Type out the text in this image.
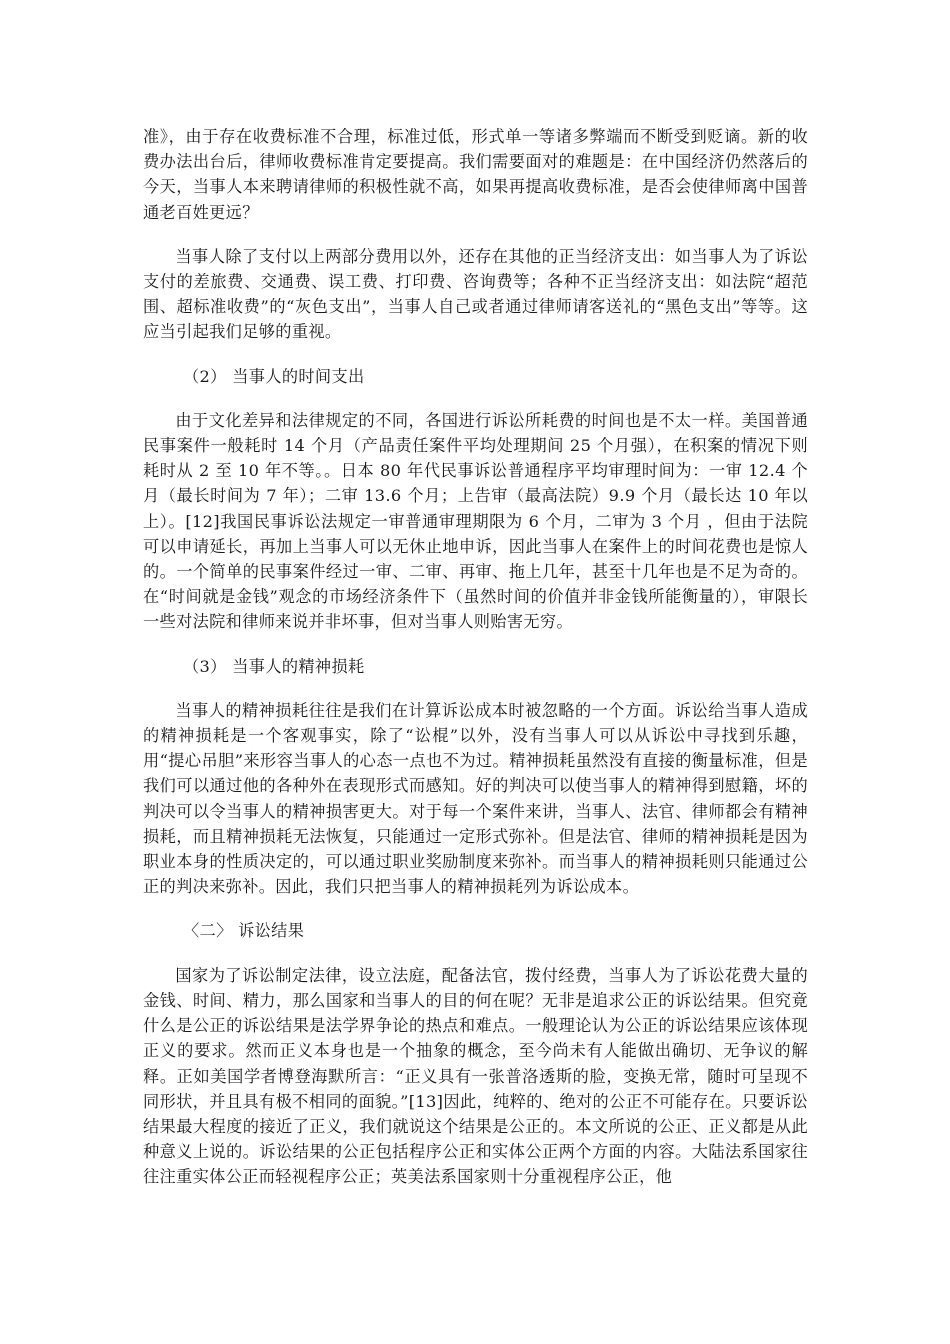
准》，由于存在收费标准不合理，标准过低，形式单一等诸多弊端而不断受到贬谪。新的收费办法出台后，律师收费标准肯定要提高。我们需要面对的难题是：在中国经济仍然落后的今天，当事人本来聘请律师的积极性就不高，如果再提高收费标准，是否会使律师离中国普通老百姓更远？

当事人除了支付以上两部分费用以外，还存在其他的正当经济支出：如当事人为了诉讼支付的差旅费、交通费、误工费、打印费、咨询费等；各种不正当经济支出：如法院“超范围、超标准收费”的“灰色支出”，当事人自己或者通过律师请客送礼的“黑色支出”等等。这应当引起我们足够的重视。

（2） 当事人的时间支出

由于文化差异和法律规定的不同，各国进行诉讼所耗费的时间也是不太一样。美国普通民事案件一般耗时 14 个月（产品责任案件平均处理期间 25 个月强），在积案的情况下则耗时从 2 至 10 年不等。。日本 80 年代民事诉讼普通程序平均审理时间为：一审 12.4 个月（最长时间为 7 年）；二审 13.6 个月；上告审（最高法院）9.9 个月（最长达 10 年以上）。[12]我国民事诉讼法规定一审普通审理期限为 6 个月，二审为 3 个月 ，但由于法院可以申请延长，再加上当事人可以无休止地申诉，因此当事人在案件上的时间花费也是惊人的。一个简单的民事案件经过一审、二审、再审、拖上几年，甚至十几年也是不足为奇的。在“时间就是金钱”观念的市场经济条件下（虽然时间的价值并非金钱所能衡量的），审限长一些对法院和律师来说并非坏事，但对当事人则贻害无穷。

（3） 当事人的精神损耗

当事人的精神损耗往往是我们在计算诉讼成本时被忽略的一个方面。诉讼给当事人造成的精神损耗是一个客观事实，除了“讼棍”以外，没有当事人可以从诉讼中寻找到乐趣，用“提心吊胆”来形容当事人的心态一点也不为过。精神损耗虽然没有直接的衡量标准，但是我们可以通过他的各种外在表现形式而感知。好的判决可以使当事人的精神得到慰籍，坏的判决可以令当事人的精神损害更大。对于每一个案件来讲，当事人、法官、律师都会有精神损耗，而且精神损耗无法恢复，只能通过一定形式弥补。但是法官、律师的精神损耗是因为职业本身的性质决定的，可以通过职业奖励制度来弥补。而当事人的精神损耗则只能通过公正的判决来弥补。因此，我们只把当事人的精神损耗列为诉讼成本。

〈二〉 诉讼结果

国家为了诉讼制定法律，设立法庭，配备法官，拨付经费，当事人为了诉讼花费大量的金钱、时间、精力，那么国家和当事人的目的何在呢？无非是追求公正的诉讼结果。但究竟什么是公正的诉讼结果是法学界争论的热点和难点。一般理论认为公正的诉讼结果应该体现正义的要求。然而正义本身也是一个抽象的概念，至今尚未有人能做出确切、无争议的解释。正如美国学者博登海默所言：“正义具有一张普洛透斯的脸，变换无常，随时可呈现不同形状，并且具有极不相同的面貌。”[13]因此，纯粹的、绝对的公正不可能存在。只要诉讼结果最大程度的接近了正义，我们就说这个结果是公正的。本文所说的公正、正义都是从此种意义上说的。诉讼结果的公正包括程序公正和实体公正两个方面的内容。大陆法系国家往往注重实体公正而轻视程序公正；英美法系国家则十分重视程序公正，他
